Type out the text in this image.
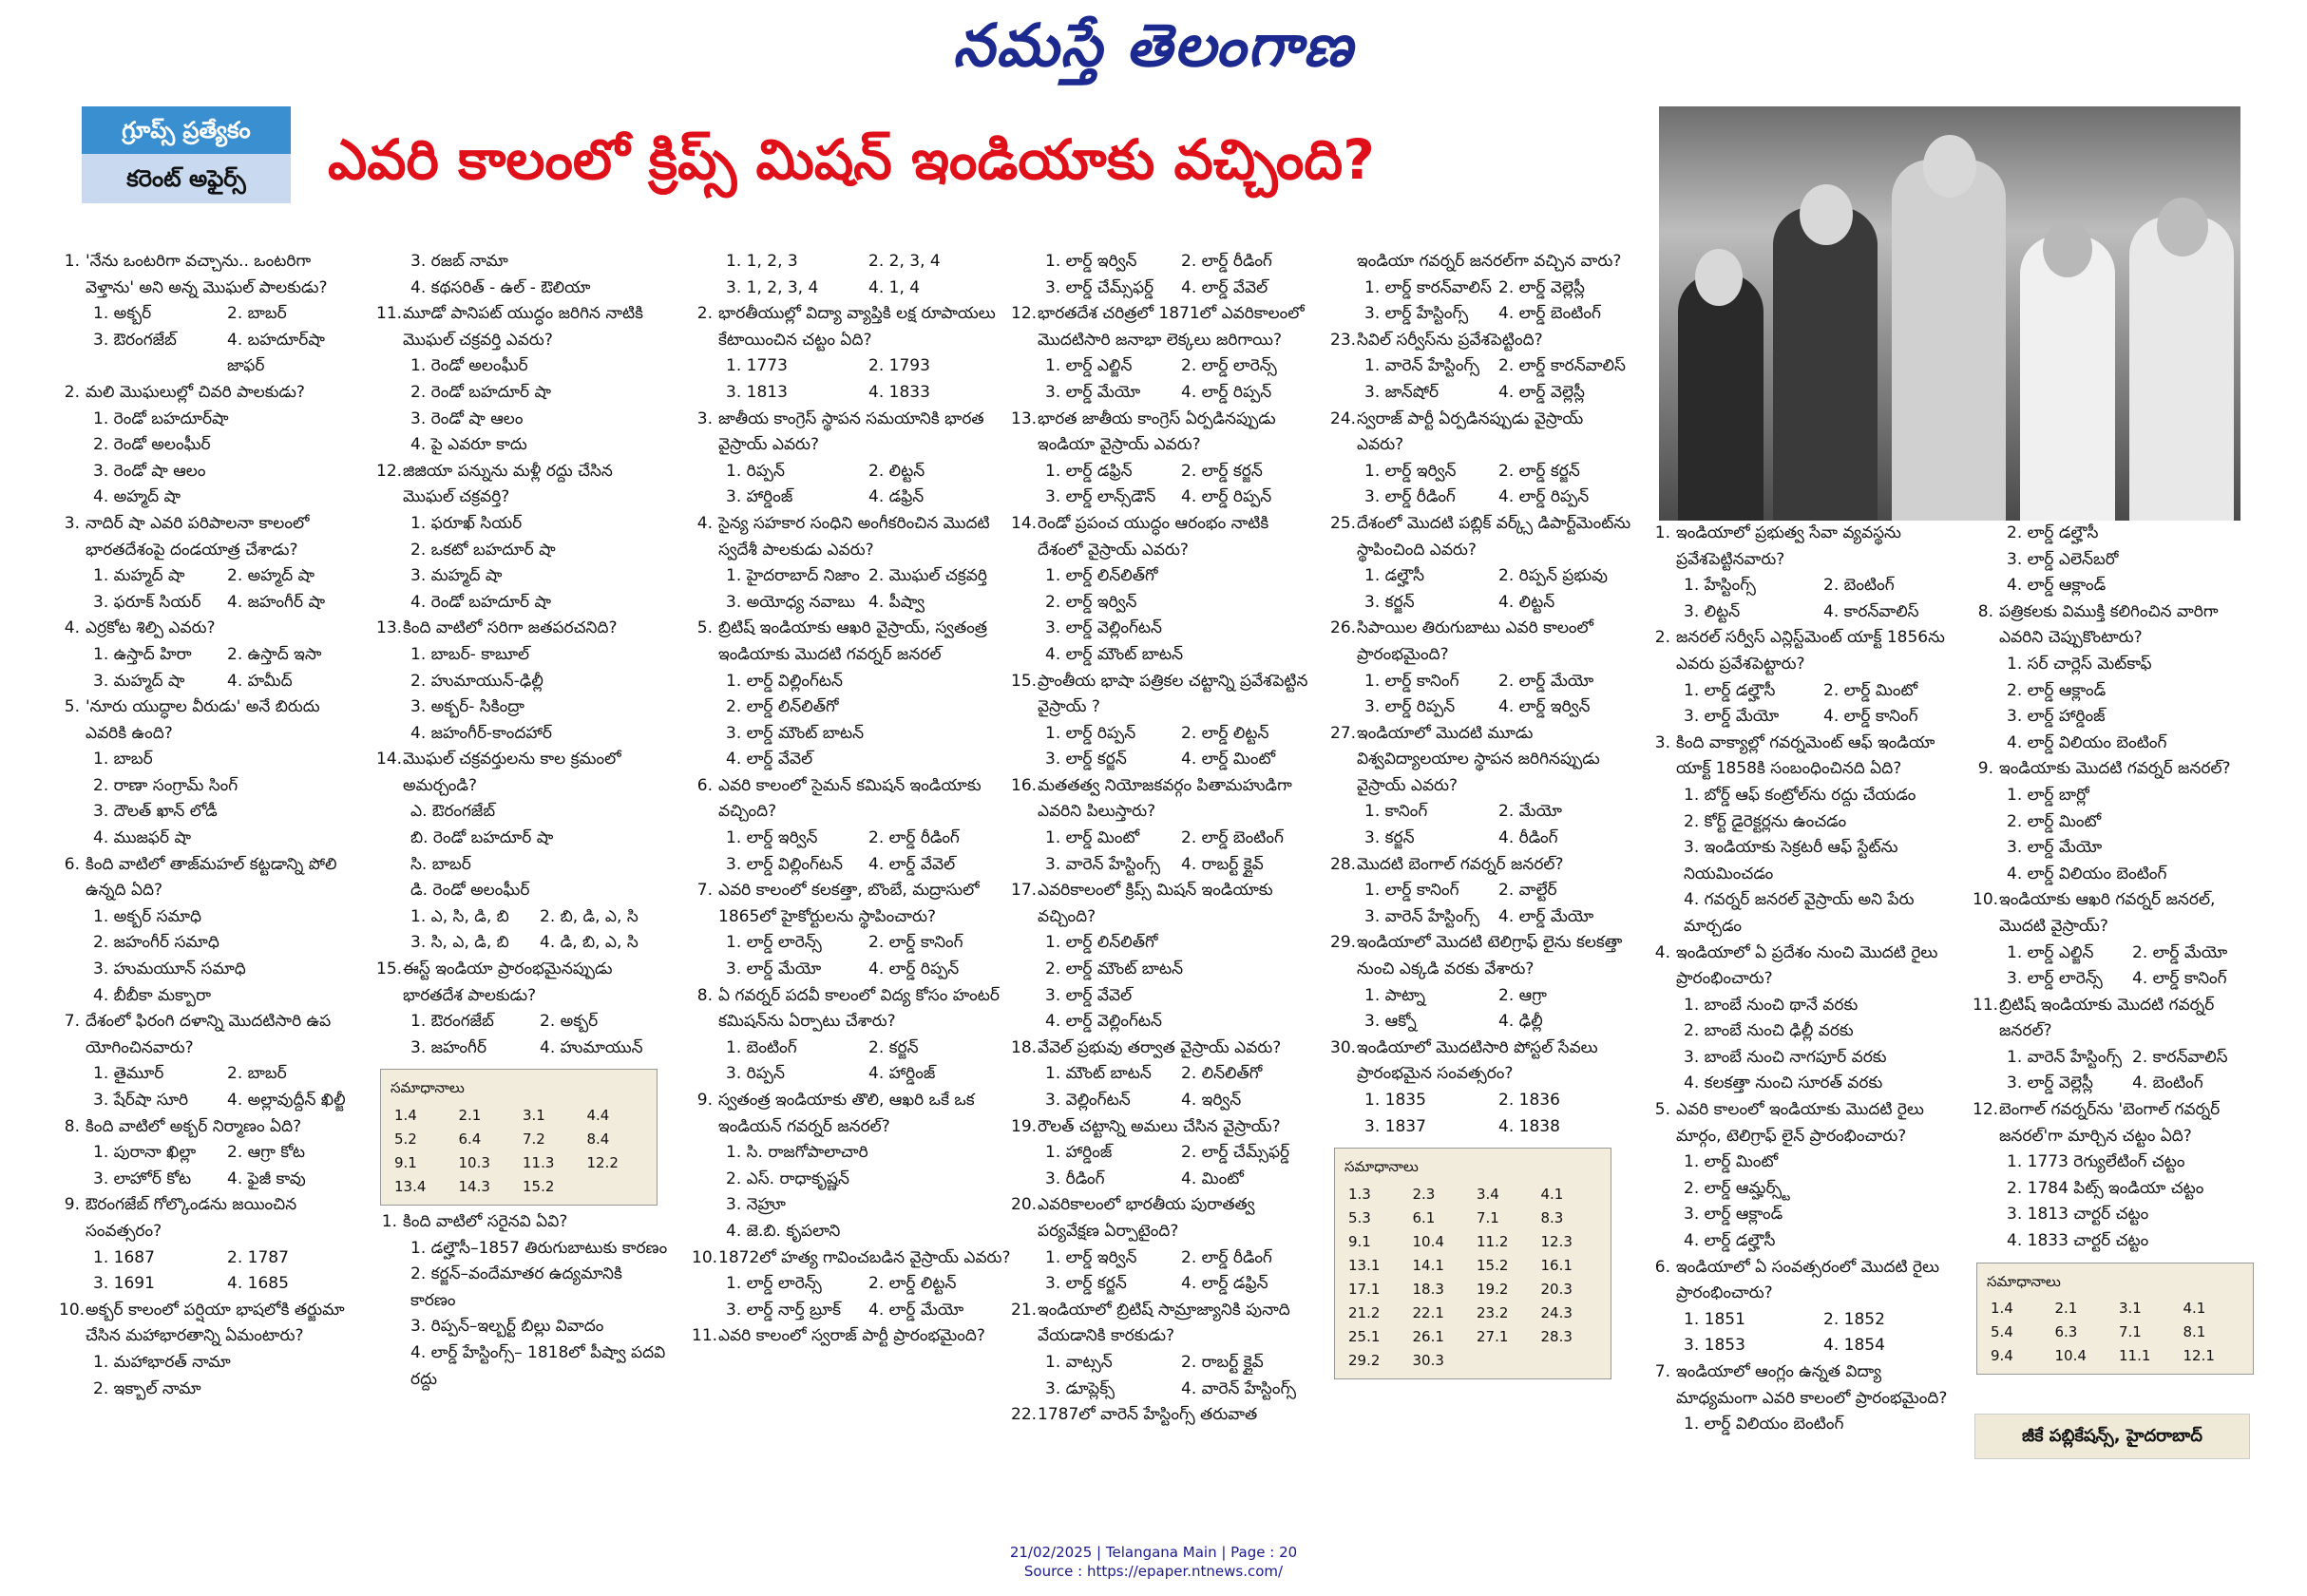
నమస్తే తెలంగాణ
గ్రూప్స్ ప్రత్యేకం
కరెంట్ అఫైర్స్	ఎవరి కాలంలో క్రిప్స్ మిషన్ ఇండియాకు వచ్చింది?
1. 'నేను ఒంటరిగా వచ్చాను.. ఒంటరిగా వెళ్తాను' అని అన్న మొఘల్ పాలకుడు?
1. అక్బర్	2. బాబర్
3. ఔరంగజేబ్	4. బహదూర్‌షా జాఫర్
2. మలి మొఘలుల్లో చివరి పాలకుడు?
1. రెండో బహదూర్‌షా
2. రెండో అలంఘీర్
3. రెండో షా ఆలం
4. అహ్మద్ షా
3. నాదిర్ షా ఎవరి పరిపాలనా కాలంలో భారతదేశంపై దండయాత్ర చేశాడు?
1. మహ్మద్ షా	2. అహ్మద్ షా
3. ఫరూక్ సియర్	4. జహంగీర్ షా
4. ఎర్రకోట శిల్పి ఎవరు?
1. ఉస్తాద్ హిరా	2. ఉస్తాద్ ఇసా
3. మహ్మద్ షా	4. హమీద్
5. 'నూరు యుద్ధాల వీరుడు' అనే బిరుదు ఎవరికి ఉంది?
1. బాబర్
2. రాణా సంగ్రామ్ సింగ్
3. దౌలత్ ఖాన్ లోడీ
4. ముజఫర్ షా
6. కింది వాటిలో తాజ్‌మహల్ కట్టడాన్ని పోలి ఉన్నది ఏది?
1. అక్బర్ సమాధి
2. జహంగీర్ సమాధి
3. హుమయూన్ సమాధి
4. బీబీకా మక్బారా
7. దేశంలో ఫిరంగి దళాన్ని మొదటిసారి ఉప యోగించినవారు?
1. తైమూర్	2. బాబర్
3. షేర్‌షా సూరి	4. అల్లావుద్దీన్ ఖిల్జీ
8. కింది వాటిలో అక్బర్ నిర్మాణం ఏది?
1. పురానా ఖిల్లా	2. ఆగ్రా కోట
3. లాహోర్ కోట	4. ఫైజీ కావు
9. ఔరంగజేబ్ గోల్కొండను జయించిన సంవత్సరం?
1. 1687	2. 1787
3. 1691	4. 1685
10. అక్బర్ కాలంలో పర్షియా భాషలోకి తర్జుమా చేసిన మహాభారతాన్ని ఏమంటారు?
1. మహాభారత్ నామా
2. ఇక్బాల్ నామా
3. రజబ్ నామా
4. కథసరిత్ - ఉల్ - ఔలియా
11. మూడో పానిపట్ యుద్ధం జరిగిన నాటికి మొఘల్ చక్రవర్తి ఎవరు?
1. రెండో అలంఘీర్
2. రెండో బహదూర్ షా
3. రెండో షా ఆలం
4. పై ఎవరూ కాదు
12. జిజియా పన్నును మళ్లీ రద్దు చేసిన మొఘల్ చక్రవర్తి?
1. ఫరూఖ్ సియర్
2. ఒకటో బహదూర్ షా
3. మహ్మద్ షా
4. రెండో బహదూర్ షా
13. కింది వాటిలో సరిగా జతపరచనిది?
1. బాబర్- కాబూల్
2. హుమాయున్-ఢిల్లీ
3. అక్బర్- సికింద్రా
4. జహంగీర్-కాందహార్
14. మొఘల్ చక్రవర్తులను కాల క్రమంలో అమర్చండి?
ఎ. ఔరంగజేబ్
బి. రెండో బహదూర్ షా
సి. బాబర్
డి. రెండో అలంఘీర్
1. ఎ, సి, డి, బి	2. బి, డి, ఎ, సి
3. సి, ఎ, డి, బి	4. డి, బి, ఎ, సి
15. ఈస్ట్ ఇండియా ప్రారంభమైనప్పుడు భారతదేశ పాలకుడు?
1. ఔరంగజేబ్	2. అక్బర్
3. జహంగీర్	4. హుమాయున్
సమాధానాలు
1.4	2.1	3.1	4.4
5.2	6.4	7.2	8.4
9.1	10.3	11.3	12.2
13.4	14.3	15.2
1. కింది వాటిలో సరైనవి ఏవి?
1. డల్హౌసీ–1857 తిరుగుబాటుకు కారణం
2. కర్జన్–వందేమాతర ఉద్యమానికి కారణం
3. రిప్పన్–ఇల్బర్ట్ బిల్లు వివాదం
4. లార్డ్ హేస్టింగ్స్– 1818లో పీష్వా పదవి రద్దు
1. 1, 2, 3	2. 2, 3, 4
3. 1, 2, 3, 4	4. 1, 4
2. భారతీయుల్లో విద్యా వ్యాప్తికి లక్ష రూపాయలు కేటాయించిన చట్టం ఏది?
1. 1773	2. 1793
3. 1813	4. 1833
3. జాతీయ కాంగ్రెస్ స్థాపన సమయానికి భారత వైస్రాయ్ ఎవరు?
1. రిప్పన్	2. లిట్టన్
3. హార్డింజ్	4. డఫ్రిన్
4. సైన్య సహకార సంధిని అంగీకరించిన మొదటి స్వదేశీ పాలకుడు ఎవరు?
1. హైదరాబాద్ నిజాం 2. మొఘల్ చక్రవర్తి
3. అయోధ్య నవాబు 4. పీష్వా
5. బ్రిటిష్ ఇండియాకు ఆఖరి వైస్రాయ్, స్వతంత్ర ఇండియాకు మొదటి గవర్నర్ జనరల్
1. లార్డ్ విల్లింగ్‌టన్
2. లార్డ్ లిన్‌లిత్‌గో
3. లార్డ్ మౌంట్ బాటన్
4. లార్డ్ వేవెల్
6. ఎవరి కాలంలో సైమన్ కమిషన్ ఇండియాకు వచ్చింది?
1. లార్డ్ ఇర్విన్	2. లార్డ్ రీడింగ్
3. లార్డ్ విల్లింగ్‌టన్	4. లార్డ్ వేవెల్
7. ఎవరి కాలంలో కలకత్తా, బొంబే, మద్రాసులో 1865లో హైకోర్టులను స్థాపించారు?
1. లార్డ్ లారెన్స్	2. లార్డ్ కానింగ్
3. లార్డ్ మేయో	4. లార్డ్ రిప్పన్
8. ఏ గవర్నర్ పదవీ కాలంలో విద్య కోసం హంటర్ కమిషన్‌ను ఏర్పాటు చేశారు?
1. బెంటింగ్	2. కర్జన్
3. రిప్పన్	4. హార్డింజ్
9. స్వతంత్ర ఇండియాకు తొలి, ఆఖరి ఒకే ఒక ఇండియన్ గవర్నర్ జనరల్?
1. సి. రాజగోపాలాచారి
2. ఎస్. రాధాకృష్ణన్
3. నెహ్రూ
4. జె.బి. కృపలాని
10. 1872లో హత్య గావించబడిన వైస్రాయ్ ఎవరు?
1. లార్డ్ లారెన్స్	2. లార్డ్ లిట్టన్
3. లార్డ్ నార్త్ బ్రూక్	4. లార్డ్ మేయో
11. ఎవరి కాలంలో స్వరాజ్ పార్టీ ప్రారంభమైంది?
1. లార్డ్ ఇర్విన్	2. లార్డ్ రీడింగ్
3. లార్డ్ చేమ్స్‌ఫర్డ్	4. లార్డ్ వేవెల్
12. భారతదేశ చరిత్రలో 1871లో ఎవరికాలంలో మొదటిసారి జనాభా లెక్కలు జరిగాయి?
1. లార్డ్ ఎల్జిన్	2. లార్డ్ లారెన్స్
3. లార్డ్ మేయో	4. లార్డ్ రిప్పన్
13. భారత జాతీయ కాంగ్రెస్ ఏర్పడినప్పుడు ఇండియా వైస్రాయ్ ఎవరు?
1. లార్డ్ డఫ్రిన్	2. లార్డ్ కర్జన్
3. లార్డ్ లాన్స్‌డౌన్	4. లార్డ్ రిప్పన్
14. రెండో ప్రపంచ యుద్ధం ఆరంభం నాటికి దేశంలో వైస్రాయ్ ఎవరు?
1. లార్డ్ లిన్‌లిత్‌గో
2. లార్డ్ ఇర్విన్
3. లార్డ్ వెల్లింగ్‌టన్
4. లార్డ్ మౌంట్ బాటన్
15. ప్రాంతీయ భాషా పత్రికల చట్టాన్ని ప్రవేశపెట్టిన వైస్రాయ్ ?
1. లార్డ్ రిప్పన్	2. లార్డ్ లిట్టన్
3. లార్డ్ కర్జన్	4. లార్డ్ మింటో
16. మతతత్వ నియోజకవర్గం పితామహుడిగా ఎవరిని పిలుస్తారు?
1. లార్డ్ మింటో	2. లార్డ్ బెంటింగ్
3. వారెన్ హేస్టింగ్స్	4. రాబర్ట్ క్లైవ్
17. ఎవరికాలంలో క్రిప్స్ మిషన్ ఇండియాకు వచ్చింది?
1. లార్డ్ లిన్‌లిత్‌గో
2. లార్డ్ మౌంట్ బాటన్
3. లార్డ్ వేవెల్
4. లార్డ్ వెల్లింగ్‌టన్
18. వేవెల్ ప్రభువు తర్వాత వైస్రాయ్ ఎవరు?
1. మౌంట్ బాటన్	2. లిన్‌లిత్‌గో
3. వెల్లింగ్‌టన్	4. ఇర్విన్
19. రౌలత్ చట్టాన్ని అమలు చేసిన వైస్రాయ్?
1. హార్డింజ్	2. లార్డ్ చేమ్స్‌ఫర్డ్
3. రీడింగ్	4. మింటో
20. ఎవరికాలంలో భారతీయ పురాతత్వ పర్యవేక్షణ ఏర్పాటైంది?
1. లార్డ్ ఇర్విన్	2. లార్డ్ రీడింగ్
3. లార్డ్ కర్జన్	4. లార్డ్ డఫ్రిన్
21. ఇండియాలో బ్రిటిష్ సామ్రాజ్యానికి పునాది వేయడానికి కారకుడు?
1. వాట్సన్	2. రాబర్ట్ క్లైవ్
3. డూప్లెక్స్	4. వారెన్ హేస్టింగ్స్
22. 1787లో వారెన్ హేస్టింగ్స్ తరువాత
ఇండియా గవర్నర్ జనరల్‌గా వచ్చిన వారు?
1. లార్డ్ కారన్‌వాలిస్ 2. లార్డ్ వెల్లెస్లీ
3. లార్డ్ హేస్టింగ్స్	4. లార్డ్ బెంటింగ్
23. సివిల్ సర్వీస్‌ను ప్రవేశపెట్టింది?
1. వారెన్ హేస్టింగ్స్	2. లార్డ్ కారన్‌వాలిస్
3. జాన్‌షోర్	4. లార్డ్ వెల్లెస్లీ
24. స్వరాజ్ పార్టీ ఏర్పడినప్పుడు వైస్రాయ్ ఎవరు?
1. లార్డ్ ఇర్విన్	2. లార్డ్ కర్జన్
3. లార్డ్ రీడింగ్	4. లార్డ్ రిప్పన్
25. దేశంలో మొదటి పబ్లిక్ వర్క్స్ డిపార్ట్‌మెంట్‌ను స్థాపించింది ఎవరు?
1. డల్హౌసీ	2. రిప్పన్ ప్రభువు
3. కర్జన్	4. లిట్టన్
26. సిపాయిల తిరుగుబాటు ఎవరి కాలంలో ప్రారంభమైంది?
1. లార్డ్ కానింగ్	2. లార్డ్ మేయో
3. లార్డ్ రిప్పన్	4. లార్డ్ ఇర్విన్
27. ఇండియాలో మొదటి మూడు విశ్వవిద్యాలయాల స్థాపన జరిగినప్పుడు వైస్రాయ్ ఎవరు?
1. కానింగ్	2. మేయో
3. కర్జన్	4. రీడింగ్
28. మొదటి బెంగాల్ గవర్నర్ జనరల్?
1. లార్డ్ కానింగ్	2. వాల్టేర్
3. వారెన్ హేస్టింగ్స్	4. లార్డ్ మేయో
29. ఇండియాలో మొదటి టెలిగ్రాఫ్ లైను కలకత్తా నుంచి ఎక్కడి వరకు వేశారు?
1. పాట్నా	2. ఆగ్రా
3. ఆక్నో	4. ఢిల్లీ
30. ఇండియాలో మొదటిసారి పోస్టల్ సేవలు ప్రారంభమైన సంవత్సరం?
1. 1835	2. 1836
3. 1837	4. 1838
సమాధానాలు
1.3	2.3	3.4	4.1
5.3	6.1	7.1	8.3
9.1	10.4	11.2	12.3
13.1	14.1	15.2	16.1
17.1	18.3	19.2	20.3
21.2	22.1	23.2	24.3
25.1	26.1	27.1	28.3
29.2	30.3
1. ఇండియాలో ప్రభుత్వ సేవా వ్యవస్థను ప్రవేశపెట్టినవారు?
1. హేస్టింగ్స్	2. బెంటింగ్
3. లిట్టన్	4. కారన్‌వాలిస్
2. జనరల్ సర్వీస్ ఎన్లిస్ట్‌మెంట్ యాక్ట్ 1856ను ఎవరు ప్రవేశపెట్టారు?
1. లార్డ్ డల్హౌసీ	2. లార్డ్ మింటో
3. లార్డ్ మేయో	4. లార్డ్ కానింగ్
3. కింది వాక్యాల్లో గవర్నమెంట్ ఆఫ్ ఇండియా యాక్ట్ 1858కి సంబంధించినది ఏది?
1. బోర్డ్ ఆఫ్ కంట్రోల్‌ను రద్దు చేయడం
2. కోర్ట్ డైరెక్టర్లను ఉంచడం
3. ఇండియాకు సెక్రటరీ ఆఫ్ స్టేట్‌ను నియమించడం
4. గవర్నర్ జనరల్ వైస్రాయ్ అని పేరు మార్చడం
4. ఇండియాలో ఏ ప్రదేశం నుంచి మొదటి రైలు ప్రారంభించారు?
1. బాంబే నుంచి థానే వరకు
2. బాంబే నుంచి ఢిల్లీ వరకు
3. బాంబే నుంచి నాగపూర్ వరకు
4. కలకత్తా నుంచి సూరత్ వరకు
5. ఎవరి కాలంలో ఇండియాకు మొదటి రైలు మార్గం, టెలిగ్రాఫ్ లైన్ ప్రారంభించారు?
1. లార్డ్ మింటో
2. లార్డ్ ఆమ్హర్స్ట్
3. లార్డ్ ఆక్లాండ్
4. లార్డ్ డల్హౌసీ
6. ఇండియాలో ఏ సంవత్సరంలో మొదటి రైలు ప్రారంభించారు?
1. 1851	2. 1852
3. 1853	4. 1854
7. ఇండియాలో ఆంగ్లం ఉన్నత విద్యా మాధ్యమంగా ఎవరి కాలంలో ప్రారంభమైంది?
1. లార్డ్ విలియం బెంటింగ్
2. లార్డ్ డల్హౌసీ
3. లార్డ్ ఎలెన్‌బరో
4. లార్డ్ ఆక్లాండ్
8. పత్రికలకు విముక్తి కలిగించిన వారిగా ఎవరిని చెప్పుకొంటారు?
1. సర్ చార్లెస్ మెట్‌కాఫ్
2. లార్డ్ ఆక్లాండ్
3. లార్డ్ హార్డింజ్
4. లార్డ్ విలియం బెంటింగ్
9. ఇండియాకు మొదటి గవర్నర్ జనరల్?
1. లార్డ్ బార్లో
2. లార్డ్ మింటో
3. లార్డ్ మేయో
4. లార్డ్ విలియం బెంటింగ్
10. ఇండియాకు ఆఖరి గవర్నర్ జనరల్, మొదటి వైస్రాయ్?
1. లార్డ్ ఎల్జిన్	2. లార్డ్ మేయో
3. లార్డ్ లారెన్స్	4. లార్డ్ కానింగ్
11. బ్రిటిష్ ఇండియాకు మొదటి గవర్నర్ జనరల్?
1. వారెన్ హేస్టింగ్స్ 2. కారన్‌వాలిస్
3. లార్డ్ వెల్లెస్లీ	4. బెంటింగ్
12. బెంగాల్ గవర్నర్‌ను 'బెంగాల్ గవర్నర్ జనరల్'గా మార్చిన చట్టం ఏది?
1. 1773 రెగ్యులేటింగ్ చట్టం
2. 1784 పిట్స్ ఇండియా చట్టం
3. 1813 చార్టర్ చట్టం
4. 1833 చార్టర్ చట్టం
సమాధానాలు
1.4	2.1	3.1	4.1
5.4	6.3	7.1	8.1
9.4	10.4	11.1	12.1
జీకే పబ్లికేషన్స్, హైదరాబాద్
21/02/2025 | Telangana Main | Page : 20
Source : https://epaper.ntnews.com/
